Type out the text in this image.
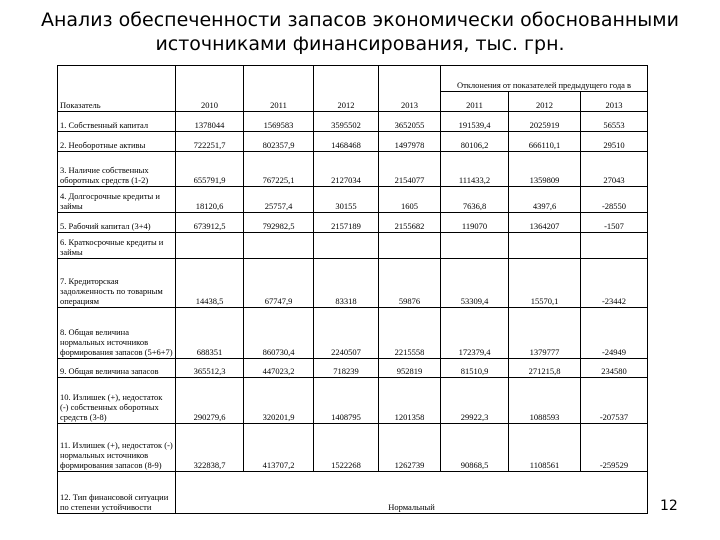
Анализ обеспеченности запасов экономически обоснованными
источниками финансирования, тыс. грн.
Показатель					Отклонения от показателей предыдущего года в		
	2010	2011	2012	2013	2011	2012	2013
1. Собственный капитал	1378044	1569583	3595502	3652055	191539,4	2025919	56553
2. Необоротные активы	722251,7	802357,9	1468468	1497978	80106,2	666110,1	29510
3. Наличие собственных оборотных средств (1-2)	655791,9	767225,1	2127034	2154077	111433,2	1359809	27043
4. Долгосрочные кредиты и займы	18120,6	25757,4	30155	1605	7636,8	4397,6	-28550
5. Рабочий капитал (3+4)	673912,5	792982,5	2157189	2155682	119070	1364207	-1507
6. Краткосрочные кредиты и займы							
7. Кредиторская задолженность по товарным операциям	14438,5	67747,9	83318	59876	53309,4	15570,1	-23442
8. Общая величина нормальных источников формирования запасов (5+6+7)	688351	860730,4	2240507	2215558	172379,4	1379777	-24949
9. Общая величина запасов	365512,3	447023,2	718239	952819	81510,9	271215,8	234580
10. Излишек (+), недостаток (-) собственных оборотных средств (3-8)	290279,6	320201,9	1408795	1201358	29922,3	1088593	-207537
11. Излишек (+), недостаток (-) нормальных источников формирования запасов (8-9)	322838,7	413707,2	1522268	1262739	90868,5	1108561	-259529
12. Тип финансовой ситуации по степени устойчивости	Нормальный							12
